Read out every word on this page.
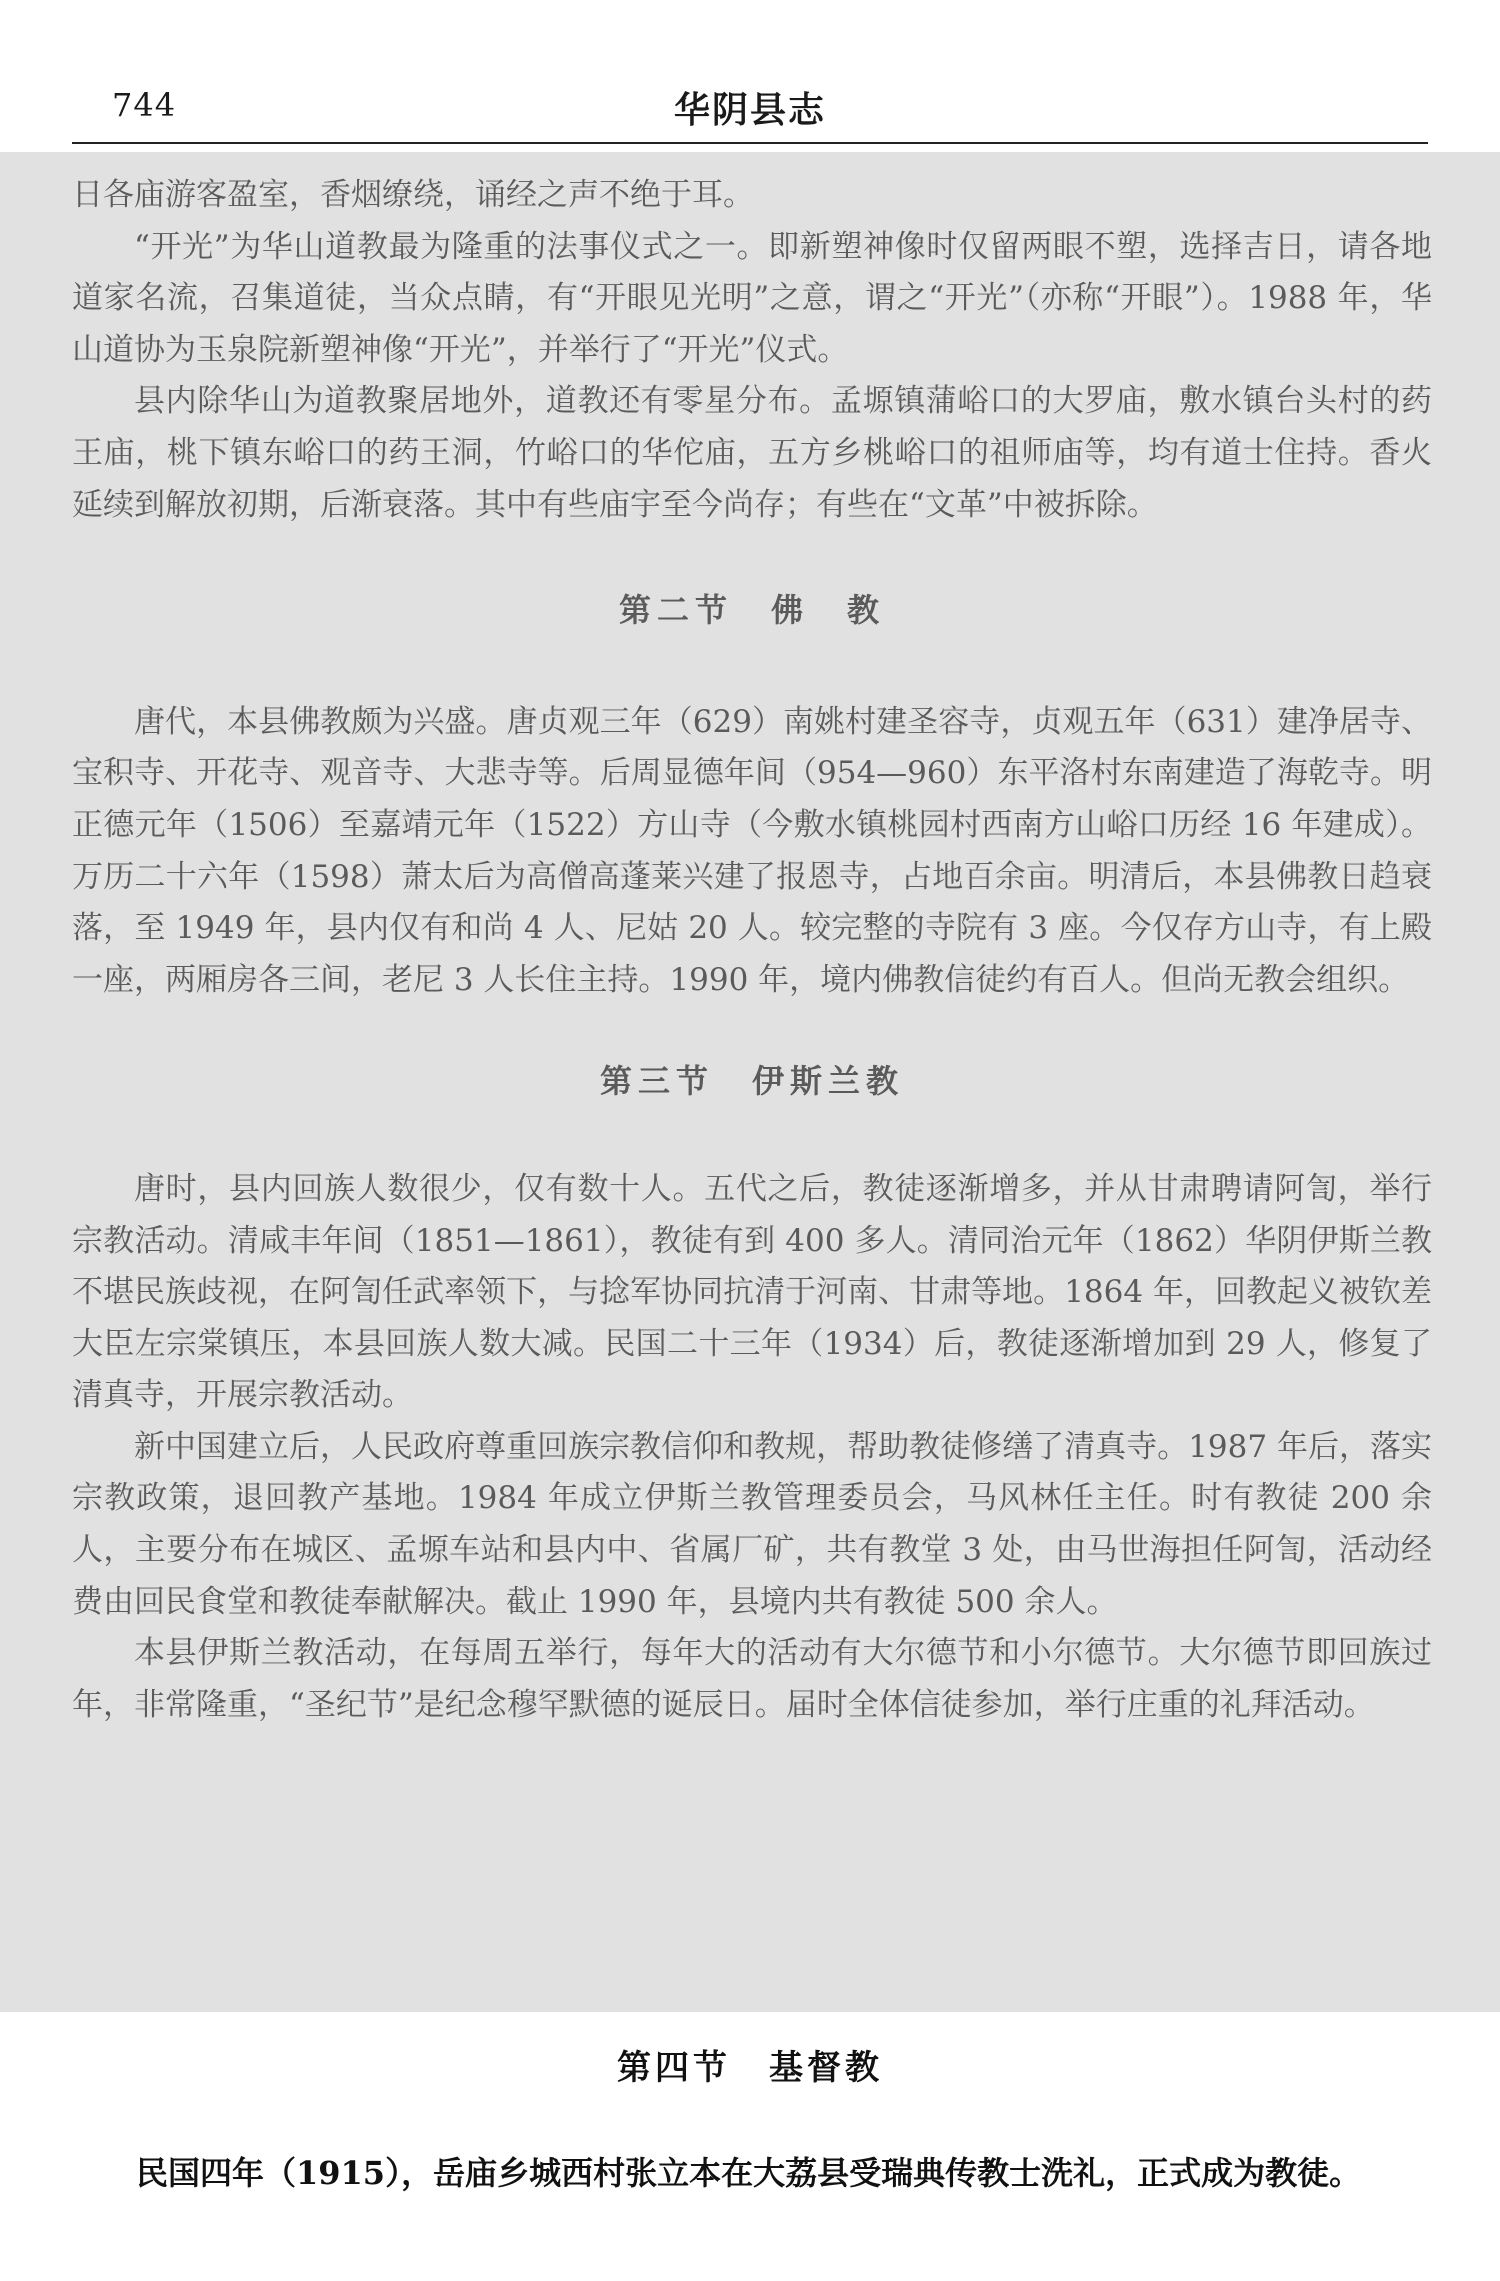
744	华阴县志

日各庙游客盈室，香烟缭绕，诵经之声不绝于耳。

“开光”为华山道教最为隆重的法事仪式之一。即新塑神像时仅留两眼不塑，选择吉日，请各地道家名流，召集道徒，当众点睛，有“开眼见光明”之意，谓之“开光”（亦称“开眼”）。1988 年，华山道协为玉泉院新塑神像“开光”，并举行了“开光”仪式。

县内除华山为道教聚居地外，道教还有零星分布。孟塬镇蒲峪口的大罗庙，敷水镇台头村的药王庙，桃下镇东峪口的药王洞，竹峪口的华佗庙，五方乡桃峪口的祖师庙等，均有道士住持。香火延续到解放初期，后渐衰落。其中有些庙宇至今尚存；有些在“文革”中被拆除。

第二节　佛　教

唐代，本县佛教颇为兴盛。唐贞观三年（629）南姚村建圣容寺，贞观五年（631）建净居寺、宝积寺、开花寺、观音寺、大悲寺等。后周显德年间（954—960）东平洛村东南建造了海乾寺。明正德元年（1506）至嘉靖元年（1522）方山寺（今敷水镇桃园村西南方山峪口历经 16 年建成）。万历二十六年（1598）萧太后为高僧高蓬莱兴建了报恩寺，占地百余亩。明清后，本县佛教日趋衰落，至 1949 年，县内仅有和尚 4 人、尼姑 20 人。较完整的寺院有 3 座。今仅存方山寺，有上殿一座，两厢房各三间，老尼 3 人长住主持。1990 年，境内佛教信徒约有百人。但尚无教会组织。

第三节　伊斯兰教

唐时，县内回族人数很少，仅有数十人。五代之后，教徒逐渐增多，并从甘肃聘请阿訇，举行宗教活动。清咸丰年间（1851—1861），教徒有到 400 多人。清同治元年（1862）华阴伊斯兰教不堪民族歧视，在阿訇任武率领下，与捻军协同抗清于河南、甘肃等地。1864 年，回教起义被钦差大臣左宗棠镇压，本县回族人数大减。民国二十三年（1934）后，教徒逐渐增加到 29 人，修复了清真寺，开展宗教活动。

新中国建立后，人民政府尊重回族宗教信仰和教规，帮助教徒修缮了清真寺。1987 年后，落实宗教政策，退回教产基地。1984 年成立伊斯兰教管理委员会，马风林任主任。时有教徒 200 余人，主要分布在城区、孟塬车站和县内中、省属厂矿，共有教堂 3 处，由马世海担任阿訇，活动经费由回民食堂和教徒奉献解决。截止 1990 年，县境内共有教徒 500 余人。

本县伊斯兰教活动，在每周五举行，每年大的活动有大尔德节和小尔德节。大尔德节即回族过年，非常隆重，“圣纪节”是纪念穆罕默德的诞辰日。届时全体信徒参加，举行庄重的礼拜活动。

第四节　基督教
民国四年（1915），岳庙乡城西村张立本在大荔县受瑞典传教士洗礼，正式成为教徒。
